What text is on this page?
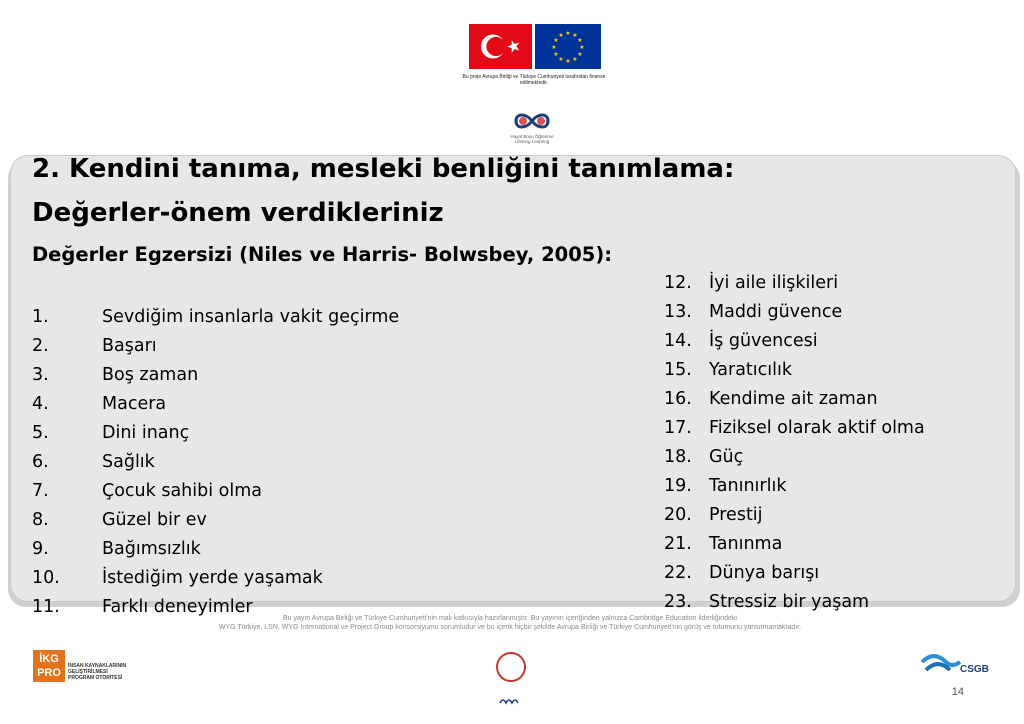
★ ★
★
★
★
★
★
★
★
★
★
★
Bu proje Avrupa Birliği ve Türkiye Cumhuriyeti tarafından finanse edilmektedir.
Hayat Boyu Öğrenme Lifelong Learning
2. Kendini tanıma, mesleki benliğini tanımlama:
Değerler-önem verdikleriniz
Değerler Egzersizi (Niles ve Harris- Bolwsbey, 2005):
1.	Sevdiğim insanlarla vakit geçirme
2.	Başarı
3.	Boş zaman
4.	Macera
5.	Dini inanç
6.	Sağlık
7.	Çocuk sahibi olma
8.	Güzel bir ev
9.	Bağımsızlık
10. İstediğim yerde yaşamak
11. Farklı deneyimler
12. İyi aile ilişkileri
13. Maddi güvence
14. İş güvencesi
15. Yaratıcılık
16. Kendime ait zaman
17. Fiziksel olarak aktif olma
18. Güç
19. Tanınırlık
20. Prestij
21. Tanınma
22. Dünya barışı
23. Stressiz bir yaşam
Bu yayın Avrupa Birliği ve Türkiye Cumhuriyeti'nin mali katkısıyla hazırlanmıştır. Bu yayının içeriğinden yalnızca Cambridge Education liderliğindeki
WYG Türkiye, LSN, WYG International ve Project Group konsorsiyumu sorumludur ve bu içerik hiçbir şekilde Avrupa Birliği ve Türkiye Cumhuriyeti'nin görüş ve tutumunu yansıtmamaktadır.
İKG PRO
İNSAN KAYNAKLARININ GELİŞTİRİLMESİ PROGRAM OTORİTESİ
CSGB
14
